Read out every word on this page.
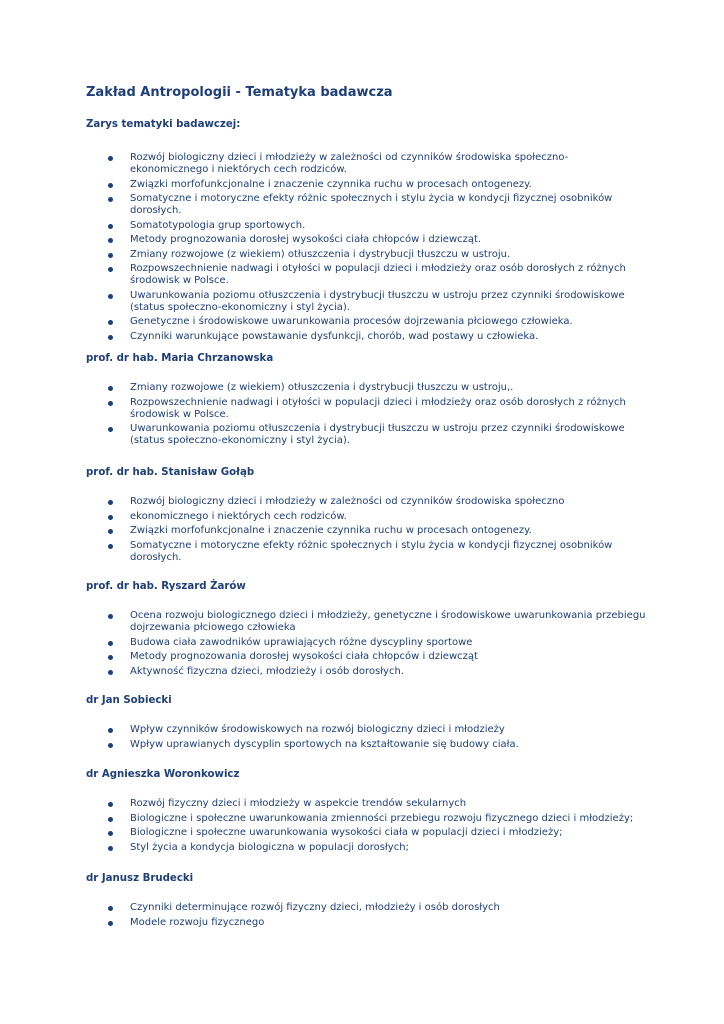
Zakład Antropologii - Tematyka badawcza
Zarys tematyki badawczej:
Rozwój biologiczny dzieci i młodzieży w zależności od czynników środowiska społeczno-ekonomicznego i niektórych cech rodziców.
Związki morfofunkcjonalne i znaczenie czynnika ruchu w procesach ontogenezy.
Somatyczne i motoryczne efekty różnic społecznych i stylu życia w kondycji fizycznej osobników dorosłych.
Somatotypologia grup sportowych.
Metody prognozowania dorosłej wysokości ciała chłopców i dziewcząt.
Zmiany rozwojowe (z wiekiem) otłuszczenia i dystrybucji tłuszczu w ustroju.
Rozpowszechnienie nadwagi i otyłości w populacji dzieci i młodzieży oraz osób dorosłych z różnych środowisk w Polsce.
Uwarunkowania poziomu otłuszczenia i dystrybucji tłuszczu w ustroju przez czynniki środowiskowe (status społeczno-ekonomiczny i styl życia).
Genetyczne i środowiskowe uwarunkowania procesów dojrzewania płciowego człowieka.
Czynniki warunkujące powstawanie dysfunkcji, chorób, wad postawy u człowieka.
prof. dr hab. Maria Chrzanowska
Zmiany rozwojowe (z wiekiem) otłuszczenia i dystrybucji tłuszczu w ustroju,.
Rozpowszechnienie nadwagi i otyłości w populacji dzieci i młodzieży oraz osób dorosłych z różnych środowisk w Polsce.
Uwarunkowania poziomu otłuszczenia i dystrybucji tłuszczu w ustroju przez czynniki środowiskowe (status społeczno-ekonomiczny i styl życia).
prof. dr hab. Stanisław Gołąb
Rozwój biologiczny dzieci i młodzieży w zależności od czynników środowiska społeczno
ekonomicznego i niektórych cech rodziców.
Związki morfofunkcjonalne i znaczenie czynnika ruchu w procesach ontogenezy.
Somatyczne i motoryczne efekty różnic społecznych i stylu życia w kondycji fizycznej osobników dorosłych.
prof. dr hab. Ryszard Żarów
Ocena rozwoju biologicznego dzieci i młodzieży, genetyczne i środowiskowe uwarunkowania przebiegu dojrzewania płciowego człowieka
Budowa ciała zawodników uprawiających różne dyscypliny sportowe
Metody prognozowania dorosłej wysokości ciała chłopców i dziewcząt
Aktywność fizyczna dzieci, młodzieży i osób dorosłych.
dr Jan Sobiecki
Wpływ czynników środowiskowych na rozwój biologiczny dzieci i młodzieży
Wpływ uprawianych dyscyplin sportowych na kształtowanie się budowy ciała.
dr Agnieszka Woronkowicz
Rozwój fizyczny dzieci i młodzieży w aspekcie trendów sekularnych
Biologiczne i społeczne uwarunkowania zmienności przebiegu rozwoju fizycznego dzieci i młodzieży;
Biologiczne i społeczne uwarunkowania wysokości ciała w populacji dzieci i młodzieży;
Styl życia a kondycja biologiczna w populacji dorosłych;
dr Janusz Brudecki
Czynniki determinujące rozwój fizyczny dzieci, młodzieży i osób dorosłych
Modele rozwoju fizycznego
